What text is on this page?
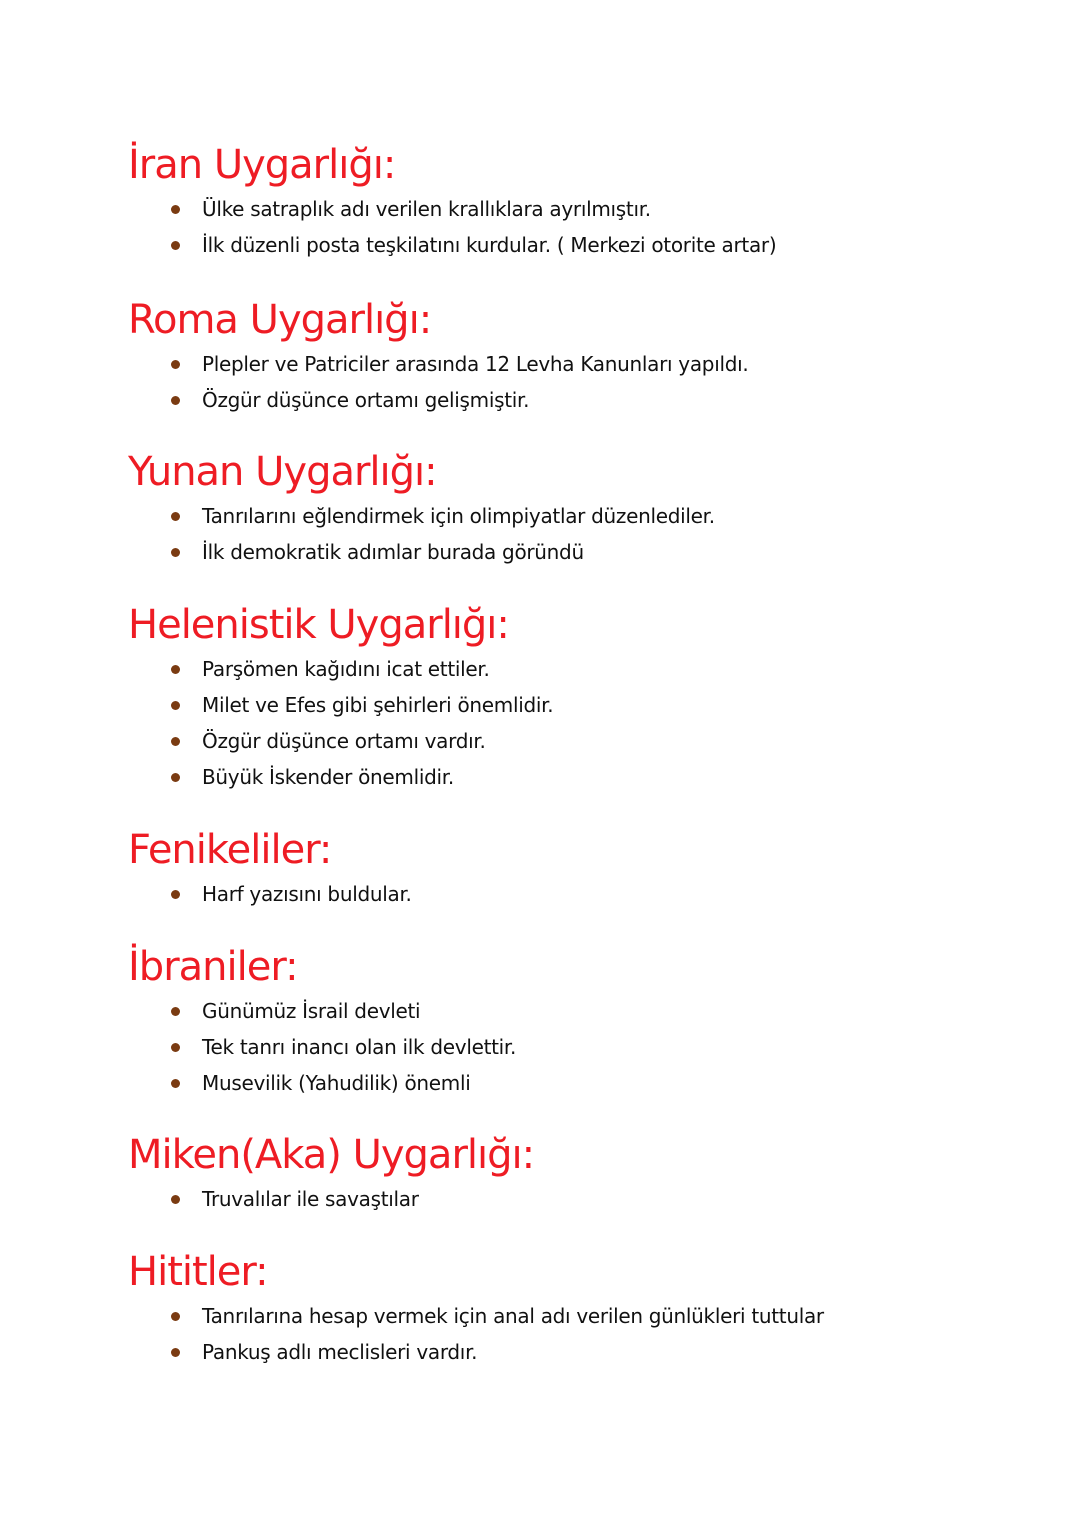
İran Uygarlığı:
Ülke satraplık adı verilen krallıklara ayrılmıştır.
İlk düzenli posta teşkilatını kurdular. ( Merkezi otorite artar)
Roma Uygarlığı:
Plepler ve Patriciler arasında 12 Levha Kanunları yapıldı.
Özgür düşünce ortamı gelişmiştir.
Yunan Uygarlığı:
Tanrılarını eğlendirmek için olimpiyatlar düzenlediler.
İlk demokratik adımlar burada göründü
Helenistik Uygarlığı:
Parşömen kağıdını icat ettiler.
Milet ve Efes gibi şehirleri önemlidir.
Özgür düşünce ortamı vardır.
Büyük İskender önemlidir.
Fenikeliler:
Harf yazısını buldular.
İbraniler:
Günümüz İsrail devleti
Tek tanrı inancı olan ilk devlettir.
Musevilik (Yahudilik) önemli
Miken(Aka) Uygarlığı:
Truvalılar ile savaştılar
Hititler:
Tanrılarına hesap vermek için anal adı verilen günlükleri tuttular
Pankuş adlı meclisleri vardır.
